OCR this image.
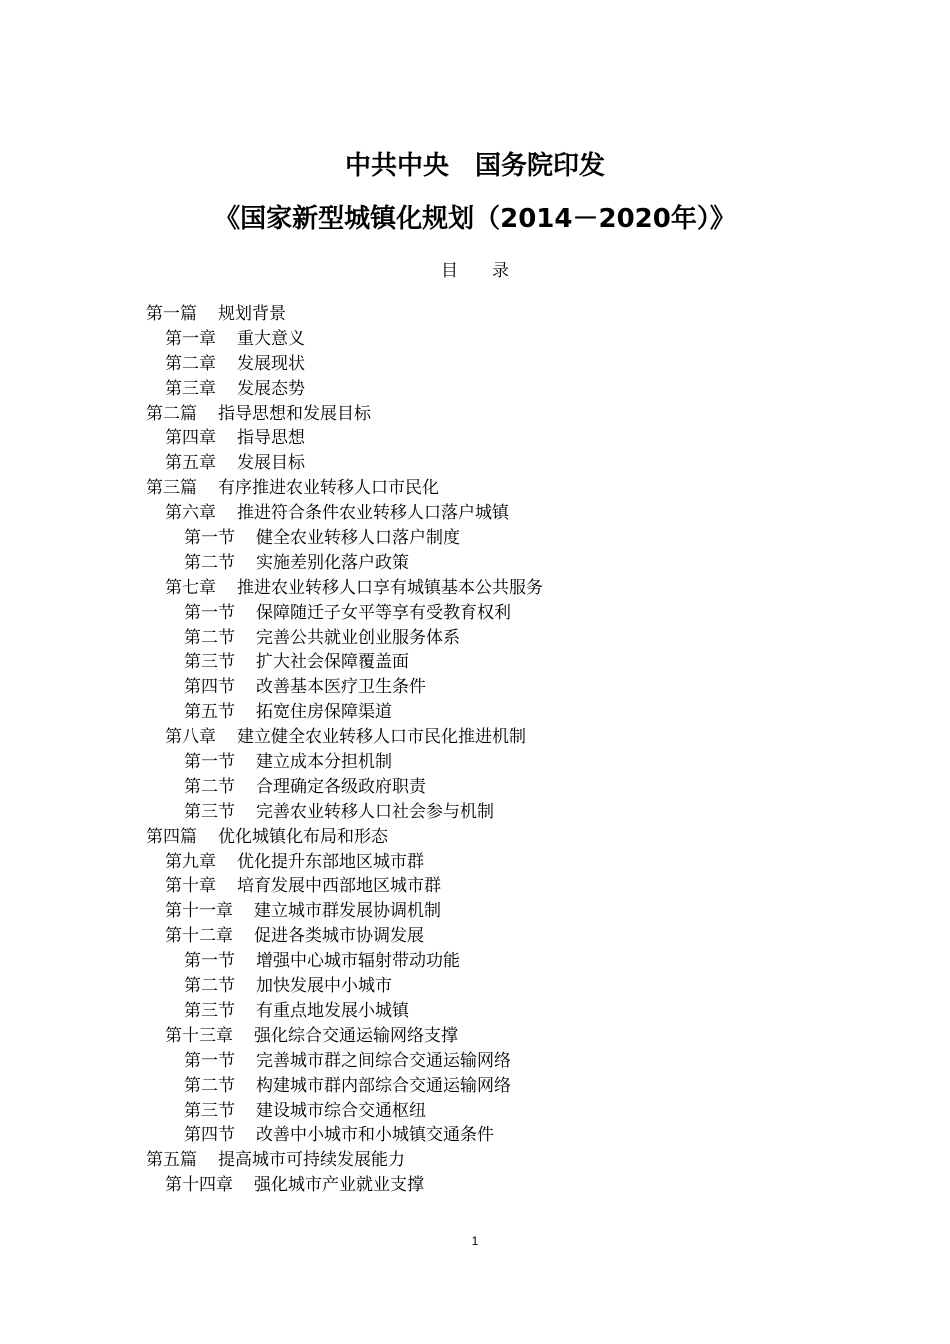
中共中央　国务院印发
《国家新型城镇化规划（2014－2020年）》
目　　录
第一篇 规划背景
第一章 重大意义
第二章 发展现状
第三章 发展态势
第二篇 指导思想和发展目标
第四章 指导思想
第五章 发展目标
第三篇 有序推进农业转移人口市民化
第六章 推进符合条件农业转移人口落户城镇
第一节 健全农业转移人口落户制度
第二节 实施差别化落户政策
第七章 推进农业转移人口享有城镇基本公共服务
第一节 保障随迁子女平等享有受教育权利
第二节 完善公共就业创业服务体系
第三节 扩大社会保障覆盖面
第四节 改善基本医疗卫生条件
第五节 拓宽住房保障渠道
第八章 建立健全农业转移人口市民化推进机制
第一节 建立成本分担机制
第二节 合理确定各级政府职责
第三节 完善农业转移人口社会参与机制
第四篇 优化城镇化布局和形态
第九章 优化提升东部地区城市群
第十章 培育发展中西部地区城市群
第十一章 建立城市群发展协调机制
第十二章 促进各类城市协调发展
第一节 增强中心城市辐射带动功能
第二节 加快发展中小城市
第三节 有重点地发展小城镇
第十三章 强化综合交通运输网络支撑
第一节 完善城市群之间综合交通运输网络
第二节 构建城市群内部综合交通运输网络
第三节 建设城市综合交通枢纽
第四节 改善中小城市和小城镇交通条件
第五篇 提高城市可持续发展能力
第十四章 强化城市产业就业支撑
1
